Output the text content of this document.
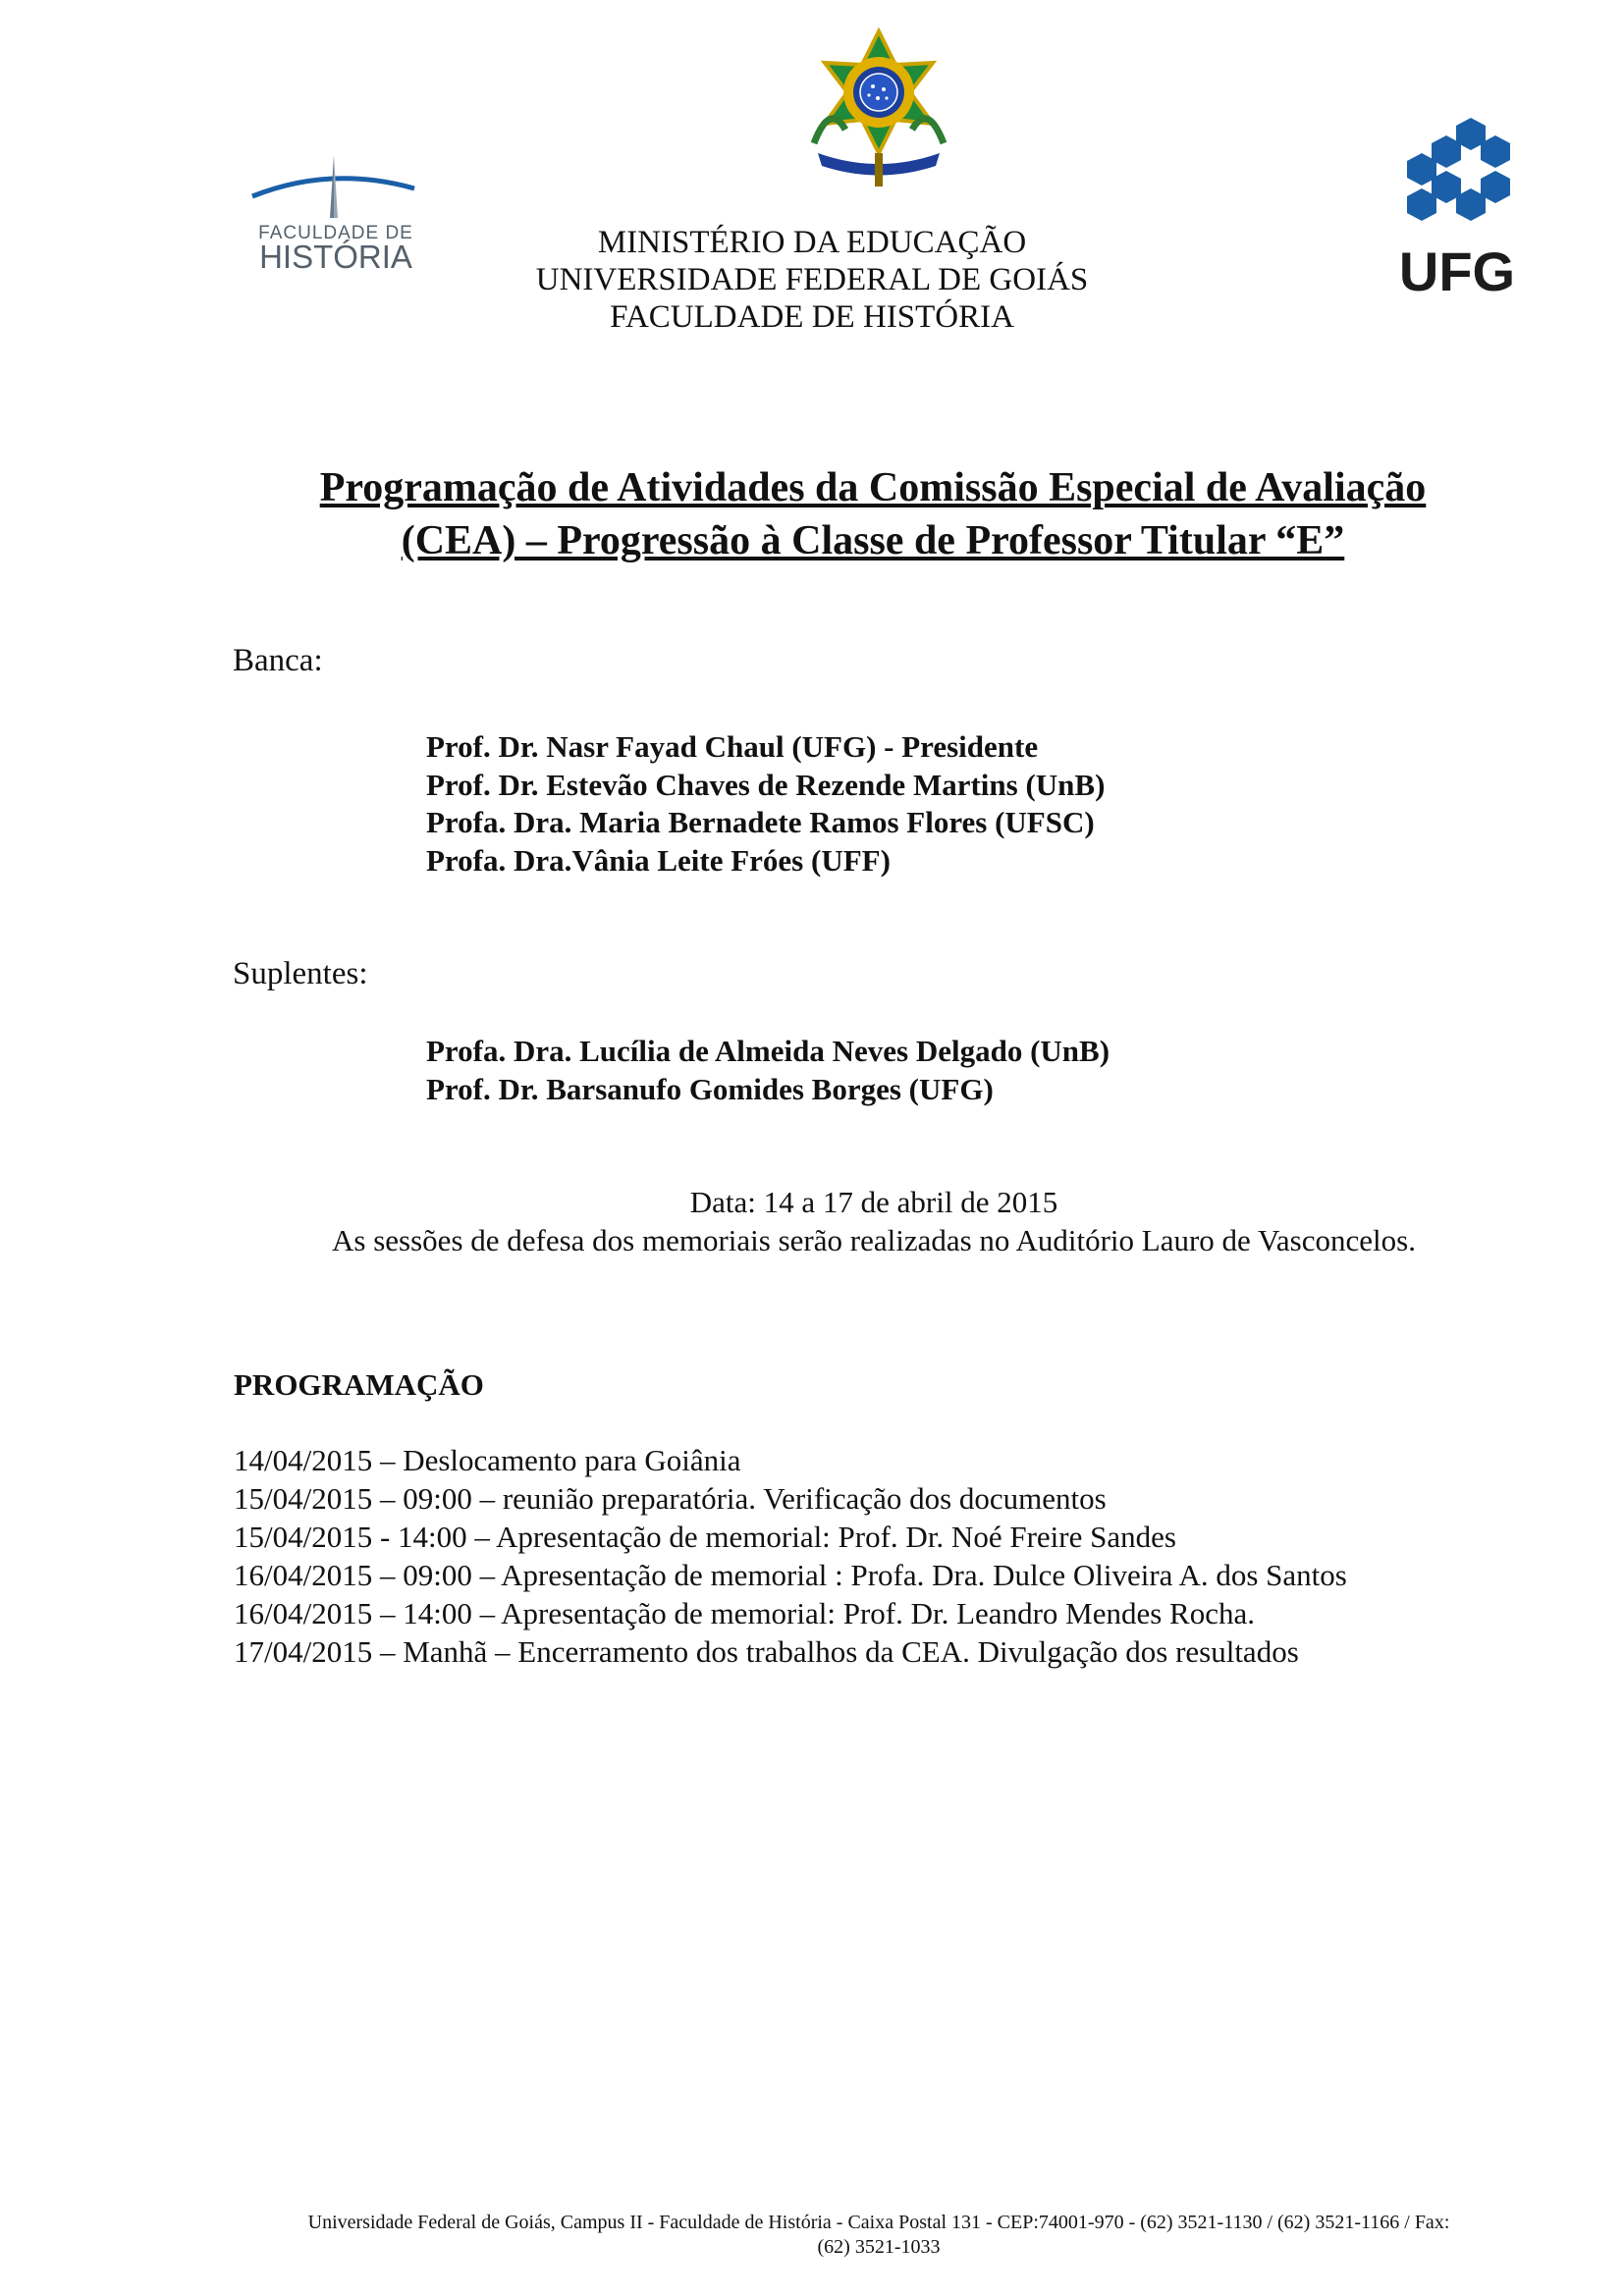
FACULDADE DE
HISTÓRIA	UFG
MINISTÉRIO DA EDUCAÇÃO
UNIVERSIDADE FEDERAL DE GOIÁS
FACULDADE DE HISTÓRIA
Programação de Atividades da Comissão Especial de Avaliação
(CEA) – Progressão à Classe de Professor Titular “E”
Banca:
Prof. Dr. Nasr Fayad Chaul (UFG) - Presidente
Prof. Dr. Estevão Chaves de Rezende Martins (UnB)
Profa. Dra. Maria Bernadete Ramos Flores (UFSC)
Profa. Dra.Vânia Leite Fróes (UFF)
Suplentes:
Profa. Dra. Lucília de Almeida Neves Delgado (UnB)
Prof. Dr. Barsanufo Gomides Borges (UFG)
Data: 14 a 17 de abril de 2015
As sessões de defesa dos memoriais serão realizadas no Auditório Lauro de Vasconcelos.
PROGRAMAÇÃO
14/04/2015 – Deslocamento para Goiânia
15/04/2015 – 09:00 – reunião preparatória. Verificação dos documentos
15/04/2015 - 14:00 – Apresentação de memorial: Prof. Dr. Noé Freire Sandes
16/04/2015 – 09:00 – Apresentação de memorial : Profa. Dra. Dulce Oliveira A. dos Santos
16/04/2015 – 14:00 – Apresentação de memorial: Prof. Dr. Leandro Mendes Rocha.
17/04/2015 – Manhã – Encerramento dos trabalhos da CEA. Divulgação dos resultados
Universidade Federal de Goiás, Campus II - Faculdade de História - Caixa Postal 131 - CEP:74001-970 - (62) 3521-1130 / (62) 3521-1166 / Fax:
(62) 3521-1033
